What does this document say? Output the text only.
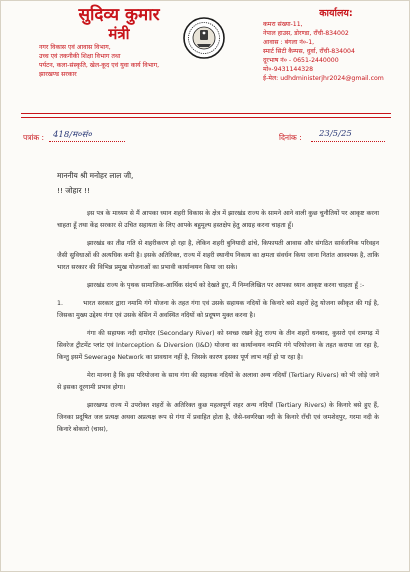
सुदिव्य कुमार
मंत्री
नगर विकास एवं आवास विभाग,
उच्च एवं तकनीकी शिक्षा विभाग तथा
पर्यटन, कला-संस्कृति, खेल-कूद एवं युवा कार्य विभाग,
झारखण्ड सरकार
कार्यालय:
कमरा संख्या-11,
नेपाल हाउस, डोरण्डा, राँची-834002
आवास : बंगला नं०-1,
स्मार्ट सिटी कैम्पस, धुर्वा, राँची-834004
दूरभाष नं० - 0651-2440000
मो०-9431144328
ई-मेल: udhdministerjhr2024@gmail.com
पत्रांक : 418/म०सं०	दिनांक : 23/5/25
माननीय श्री मनोहर लाल जी,
!! जोहार !!

इस पत्र के माध्यम से मैं आपका ध्यान शहरी विकास के क्षेत्र में झारखंड राज्य के सामने आने वाली कुछ चुनौतियों पर आकृष्ट करना चाहता हूँ तथा केंद्र सरकार से उचित सहायता के लिए आपके बहुमूल्य हस्तक्षेप हेतु आग्रह करना चाहता हूँ।

झारखंड का तीव्र गति से शहरीकरण हो रहा है, लेकिन शहरी बुनियादी ढांचे, किफायती आवास और संगठित सार्वजनिक परिवहन जैसी सुविधाओं की अत्यधिक कमी है। इसके अतिरिक्त, राज्य में शहरी स्थानीय निकाय का क्षमता संवर्धन किया जाना नितांत आवश्यक है, ताकि भारत सरकार की विभिन्न प्रमुख योजनाओं का प्रभावी कार्यान्वयन किया जा सके।

झारखंड राज्य के पृथक सामाजिक-आर्थिक संदर्भ को देखते हुए, मैं निम्नलिखित पर आपका ध्यान आकृष्ट करना चाहता हूँ :-

1.	भारत सरकार द्वारा नमामि गंगे योजना के तहत गंगा एवं उसके सहायक नदियों के किनारे बसे शहरों हेतु योजना स्वीकृत की गई है, जिसका मुख्य उद्देश्य गंगा एवं उसके बेसिन में अवस्थित नदियों को प्रदूषण मुक्त करना है।

गंगा की सहायक नदी दामोदर (Secondary River) को स्वच्छ रखने हेतु राज्य के तीन शहरों धनबाद, कुसरो एवं रामगढ़ में सिवरेज ट्रीटमेंट प्लांट एवं Interception & Diversion (I&D) योजना का कार्यान्वयन नमामि गंगे परियोजना के तहत कराया जा रहा है, किन्तु इसमें Sewerage Network का प्रावधान नहीं है, जिसके कारण इसका पूर्ण लाभ नहीं हो पा रहा है।

मेरा मानना है कि इस परियोजना के साथ गंगा की सहायक नदियों के अलावा अन्य नदियाँ (Tertiary Rivers) को भी जोड़े जाने से इसका दूरगामी प्रभाव होगा।

झारखण्ड राज्य में उपरोक्त शहरों के अतिरिक्त कुछ महत्वपूर्ण शहर अन्य नदियाँ (Tertiary Rivers) के किनारे बसे हुए हैं, जिनका प्रदूषित जल प्रत्यक्ष अथवा अप्रत्यक्ष रूप से गंगा में प्रवाहित होता है, जैसे-स्वर्णरेखा नदी के किनारे राँची एवं जमशेदपुर, गरमा नदी के किनारे बोकारो (चास),
